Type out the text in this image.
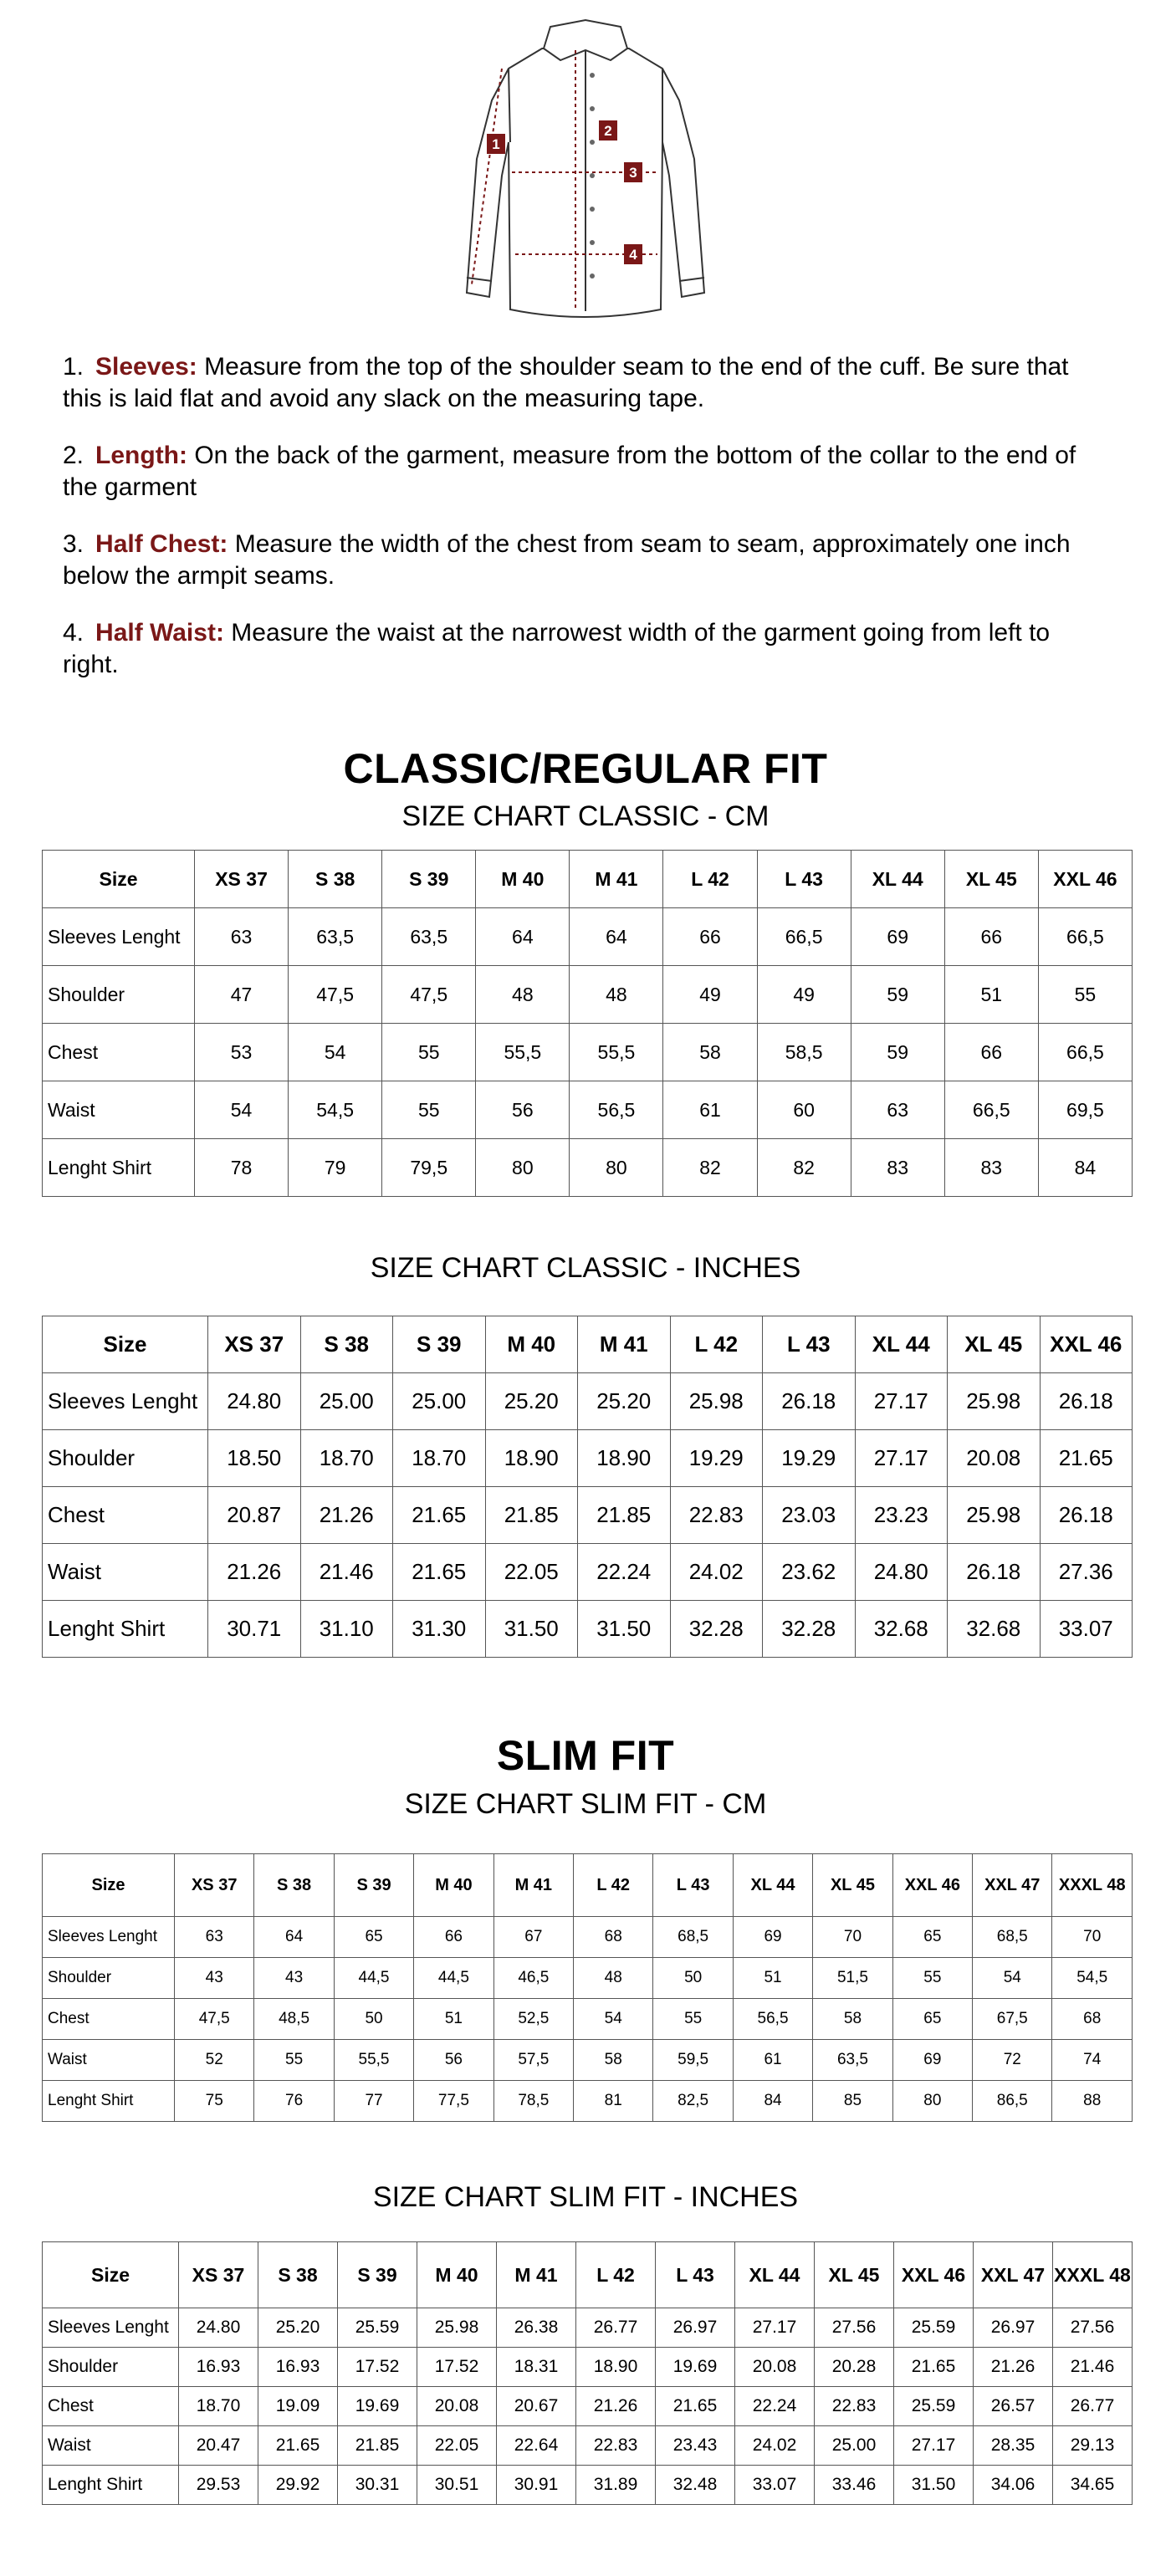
1
2
3
4

1. Sleeves: Measure from the top of the shoulder seam to the end of the cuff. Be sure that this is laid flat and avoid any slack on the measuring tape.

2. Length: On the back of the garment, measure from the bottom of the collar to the end of the garment

3. Half Chest: Measure the width of the chest from seam to seam, approximately one inch below the armpit seams.

4. Half Waist: Measure the waist at the narrowest width of the garment going from left to right.

CLASSIC/REGULAR FIT
SIZE CHART CLASSIC - CM
Size	XS 37	S 38	S 39	M 40	M 41	L 42	L 43	XL 44	XL 45	XXL 46
Sleeves Lenght	63	63,5	63,5	64	64	66	66,5	69	66	66,5
Shoulder	47	47,5	47,5	48	48	49	49	59	51	55
Chest	53	54	55	55,5	55,5	58	58,5	59	66	66,5
Waist	54	54,5	55	56	56,5	61	60	63	66,5	69,5
Lenght Shirt	78	79	79,5	80	80	82	82	83	83	84
SIZE CHART CLASSIC - INCHES
Size	XS 37	S 38	S 39	M 40	M 41	L 42	L 43	XL 44	XL 45	XXL 46
Sleeves Lenght	24.80	25.00	25.00	25.20	25.20	25.98	26.18	27.17	25.98	26.18
Shoulder	18.50	18.70	18.70	18.90	18.90	19.29	19.29	27.17	20.08	21.65
Chest	20.87	21.26	21.65	21.85	21.85	22.83	23.03	23.23	25.98	26.18
Waist	21.26	21.46	21.65	22.05	22.24	24.02	23.62	24.80	26.18	27.36
Lenght Shirt	30.71	31.10	31.30	31.50	31.50	32.28	32.28	32.68	32.68	33.07
SLIM FIT
SIZE CHART SLIM FIT - CM
Size	XS 37	S 38	S 39	M 40	M 41	L 42	L 43	XL 44	XL 45	XXL 46	XXL 47	XXXL 48
Sleeves Lenght	63	64	65	66	67	68	68,5	69	70	65	68,5	70
Shoulder	43	43	44,5	44,5	46,5	48	50	51	51,5	55	54	54,5
Chest	47,5	48,5	50	51	52,5	54	55	56,5	58	65	67,5	68
Waist	52	55	55,5	56	57,5	58	59,5	61	63,5	69	72	74
Lenght Shirt	75	76	77	77,5	78,5	81	82,5	84	85	80	86,5	88
SIZE CHART SLIM FIT - INCHES
Size	XS 37	S 38	S 39	M 40	M 41	L 42	L 43	XL 44	XL 45	XXL 46	XXL 47	XXXL 48
Sleeves Lenght	24.80	25.20	25.59	25.98	26.38	26.77	26.97	27.17	27.56	25.59	26.97	27.56
Shoulder	16.93	16.93	17.52	17.52	18.31	18.90	19.69	20.08	20.28	21.65	21.26	21.46
Chest	18.70	19.09	19.69	20.08	20.67	21.26	21.65	22.24	22.83	25.59	26.57	26.77
Waist	20.47	21.65	21.85	22.05	22.64	22.83	23.43	24.02	25.00	27.17	28.35	29.13
Lenght Shirt	29.53	29.92	30.31	30.51	30.91	31.89	32.48	33.07	33.46	31.50	34.06	34.65
